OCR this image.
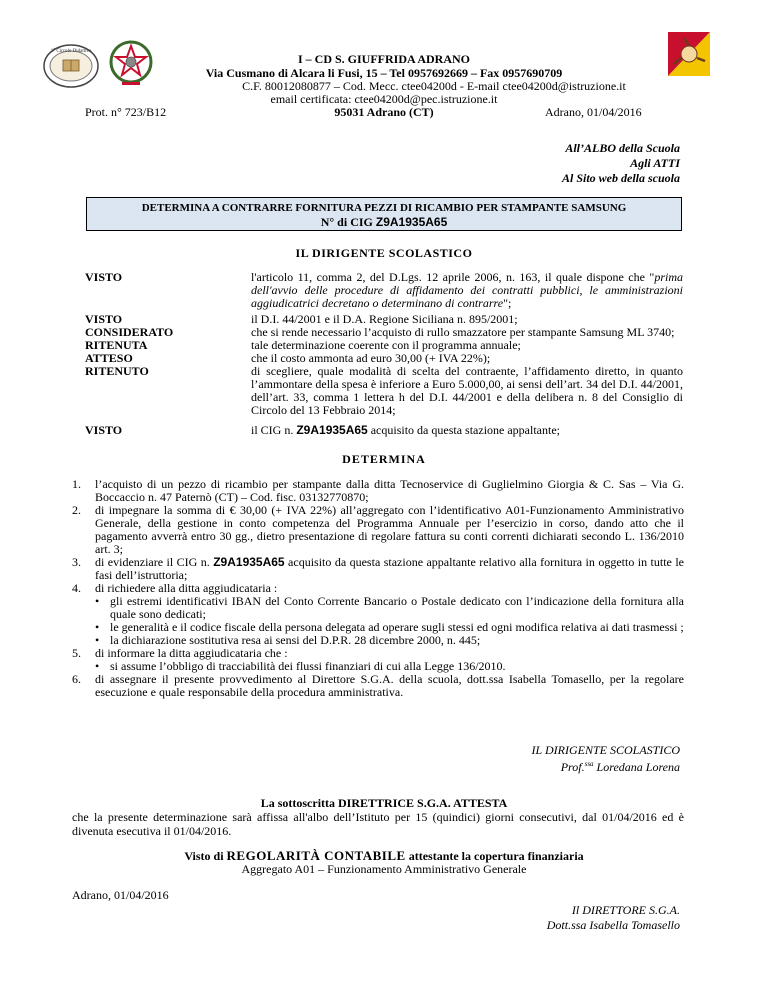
1° Circolo Didattico
I – CD S. GIUFFRIDA ADRANO
Via Cusmano di Alcara li Fusi, 15 – Tel 0957692669 – Fax 0957690709
C.F. 80012080877 – Cod. Mecc. ctee04200d - E-mail ctee04200d@istruzione.it
email certificata: ctee04200d@pec.istruzione.it
95031 Adrano (CT)
Prot. n° 723/B12	Adrano, 01/04/2016
All’ALBO della Scuola
Agli ATTI
Al Sito web della scuola
DETERMINA A CONTRARRE FORNITURA PEZZI DI RICAMBIO PER STAMPANTE SAMSUNG
N° di CIG Z9A1935A65
IL DIRIGENTE SCOLASTICO
VISTO
VISTO
CONSIDERATO
RITENUTA
ATTESO
RITENUTO
VISTO
l'articolo 11, comma 2, del D.Lgs. 12 aprile 2006, n. 163, il quale dispone che "prima dell'avvio delle procedure di affidamento dei contratti pubblici, le amministrazioni aggiudicatrici decretano o determinano di contrarre";
il D.I. 44/2001 e il D.A. Regione Siciliana n. 895/2001;
che si rende necessario l’acquisto di rullo smazzatore per stampante Samsung ML 3740;
tale determinazione coerente con il programma annuale;
che il costo ammonta ad euro 30,00 (+ IVA 22%);
di scegliere, quale modalità di scelta del contraente, l’affidamento diretto, in quanto l’ammontare della spesa è inferiore a Euro 5.000,00, ai sensi dell’art. 34 del D.I. 44/2001, dell’art. 33, comma 1 lettera h del D.I. 44/2001 e della delibera n. 8 del Consiglio di Circolo del 13 Febbraio 2014;
il CIG n. Z9A1935A65 acquisito da questa stazione appaltante;
DETERMINA
1. l’acquisto di un pezzo di ricambio per stampante dalla ditta Tecnoservice di Guglielmino Giorgia & C. Sas – Via G. Boccaccio n. 47 Paternò (CT) – Cod. fisc. 03132770870;
2. di impegnare la somma di € 30,00 (+ IVA 22%) all’aggregato con l’identificativo A01-Funzionamento Amministrativo Generale, della gestione in conto competenza del Programma Annuale per l’esercizio in corso, dando atto che il pagamento avverrà entro 30 gg., dietro presentazione di regolare fattura su conti correnti dichiarati secondo L. 136/2010 art. 3;
3. di evidenziare il CIG n. Z9A1935A65 acquisito da questa stazione appaltante relativo alla fornitura in oggetto in tutte le fasi dell’istruttoria;
4. di richiedere alla ditta aggiudicataria :
• gli estremi identificativi IBAN del Conto Corrente Bancario o Postale dedicato con l’indicazione della fornitura alla quale sono dedicati;
• le generalità e il codice fiscale della persona delegata ad operare sugli stessi ed ogni modifica relativa ai dati trasmessi ;
• la dichiarazione sostitutiva resa ai sensi del D.P.R. 28 dicembre 2000, n. 445;
5. di informare la ditta aggiudicataria che :
• si assume l’obbligo di tracciabilità dei flussi finanziari di cui alla Legge 136/2010.
6. di assegnare il presente provvedimento al Direttore S.G.A. della scuola, dott.ssa Isabella Tomasello, per la regolare esecuzione e quale responsabile della procedura amministrativa.
IL DIRIGENTE SCOLASTICO
Prof.$^{ssa}$ Loredana Lorena
La sottoscritta DIRETTRICE S.G.A. ATTESTA
che la presente determinazione sarà affissa all'albo dell’Istituto per 15 (quindici) giorni consecutivi, dal 01/04/2016 ed è divenuta esecutiva il 01/04/2016.
Visto di REGOLARITÀ CONTABILE attestante la copertura finanziaria
Aggregato A01 – Funzionamento Amministrativo Generale
Adrano, 01/04/2016
Il DIRETTORE S.G.A.
Dott.ssa Isabella Tomasello
